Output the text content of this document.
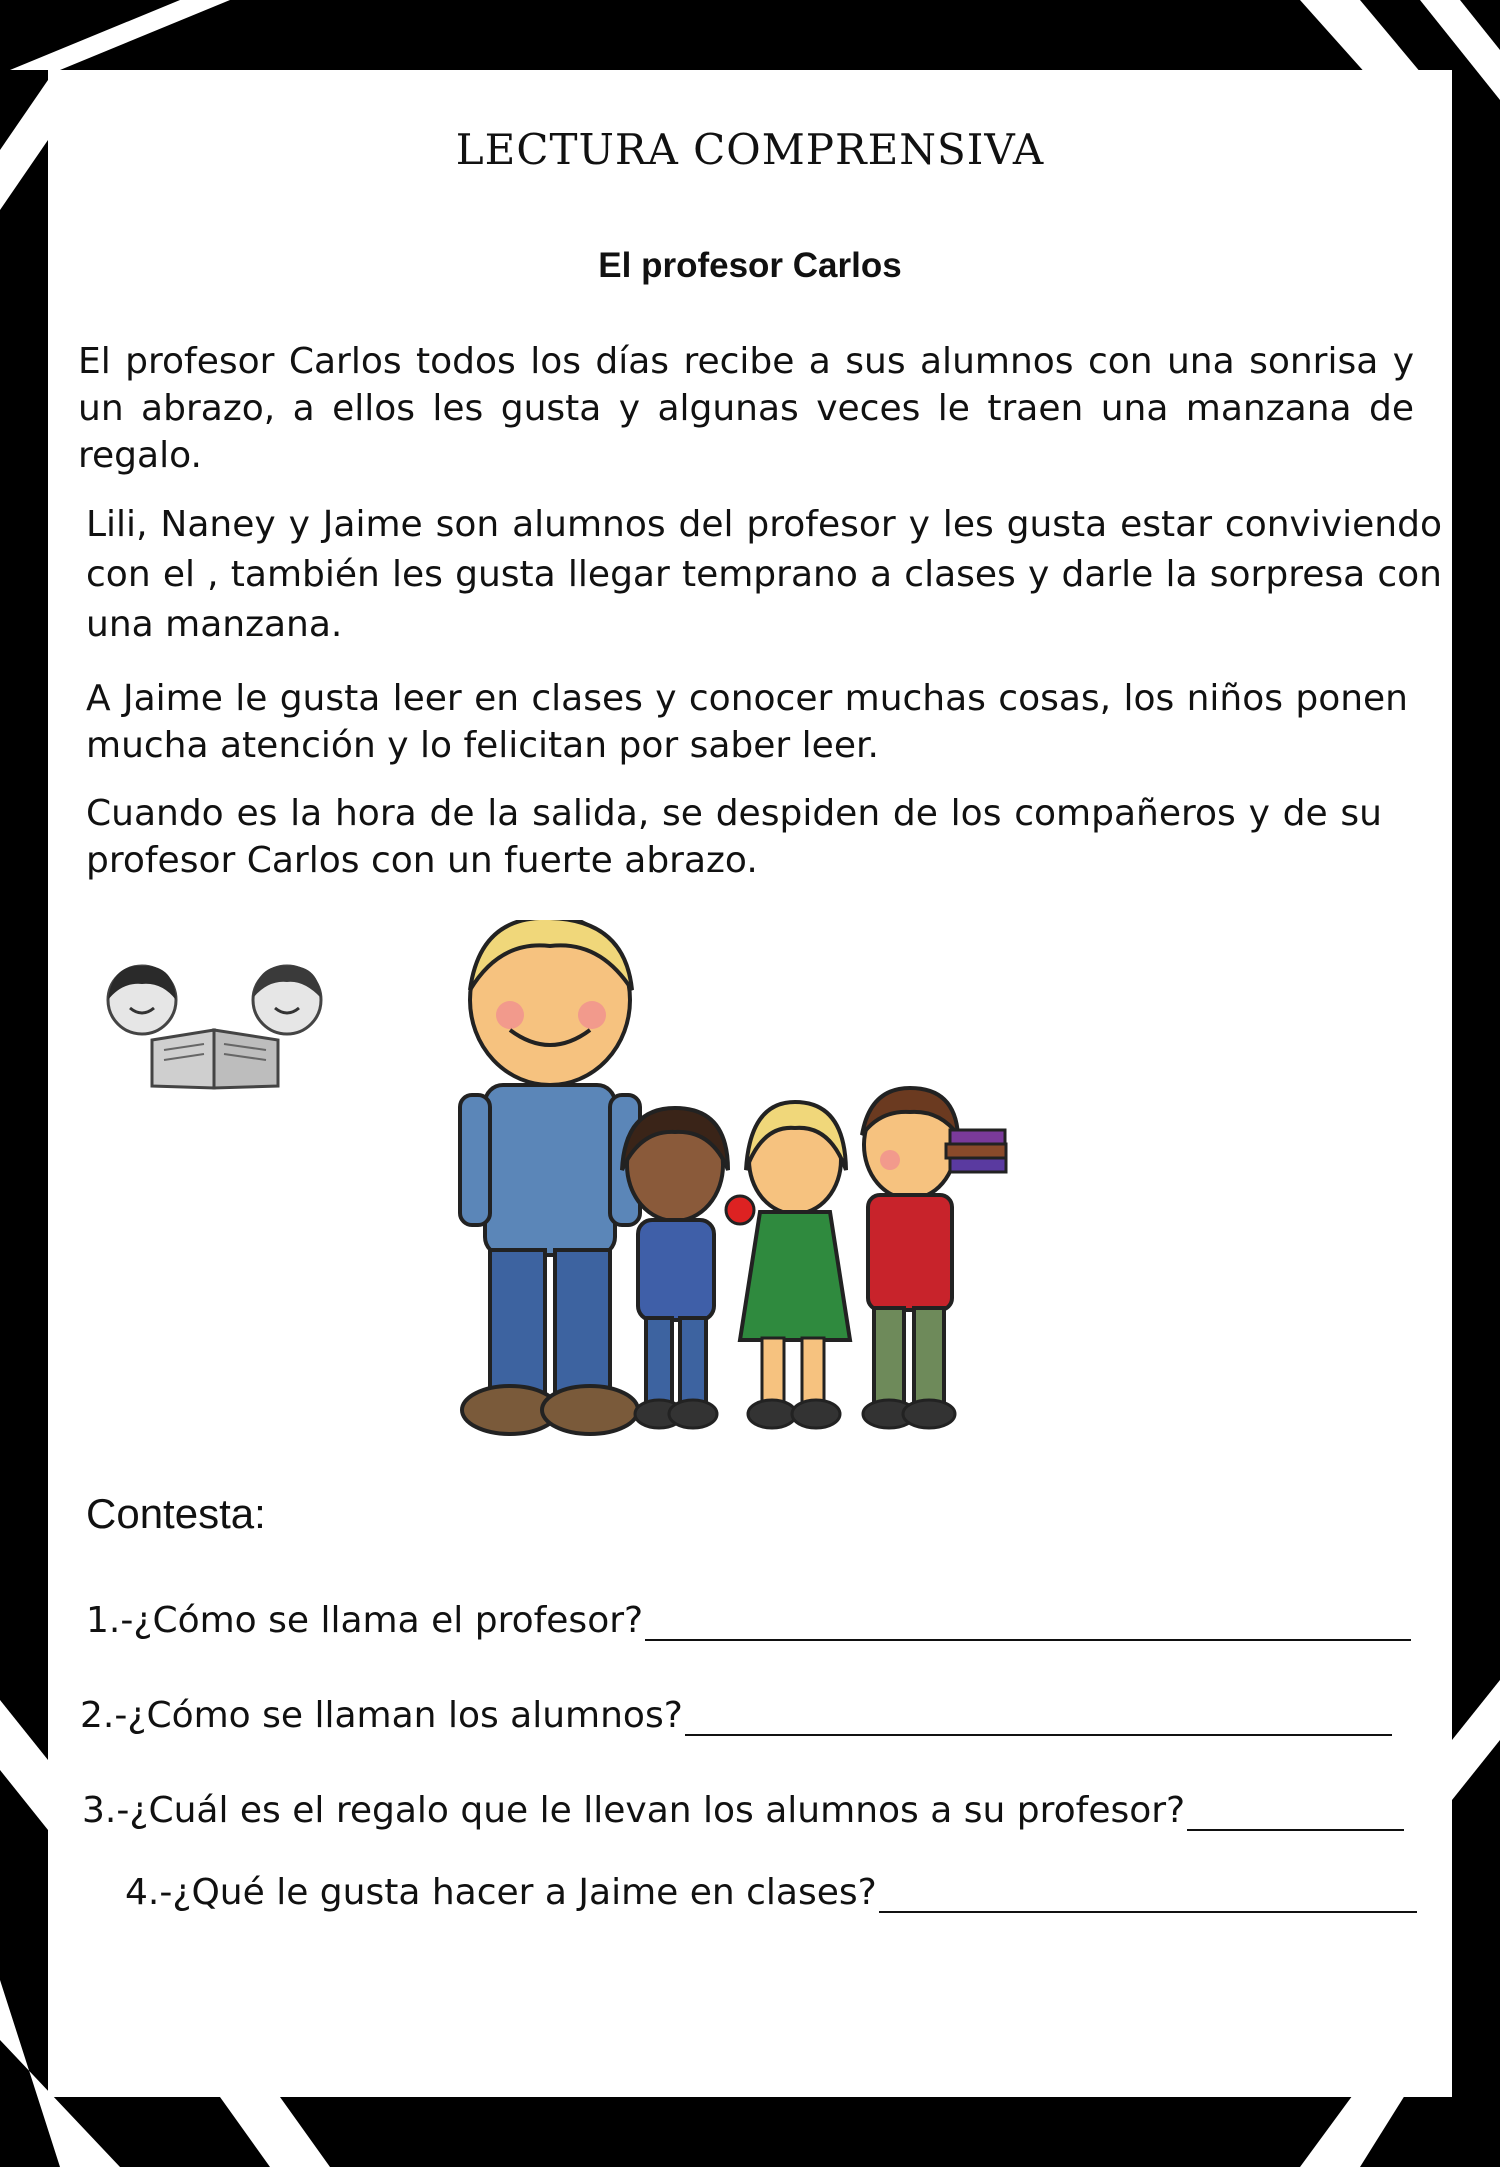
LECTURA COMPRENSIVA
El profesor Carlos

El profesor Carlos todos los días recibe a sus alumnos con una sonrisa y un abrazo, a ellos les gusta y algunas veces le traen una manzana de regalo.

Lili, Naney y Jaime son alumnos del profesor y les gusta estar conviviendo con el , también les gusta llegar temprano a clases y darle la sorpresa con una manzana.

A Jaime le gusta leer en clases y conocer muchas cosas, los niños ponen mucha atención y lo felicitan por saber leer.

Cuando es la hora de la salida, se despiden de los compañeros y de su profesor Carlos con un fuerte abrazo.

Contesta:
1.-¿Cómo se llama el profesor?
2.-¿Cómo se llaman los alumnos?
3.-¿Cuál es el regalo que le llevan los alumnos a su profesor?
4.-¿Qué le gusta hacer a Jaime en clases?
